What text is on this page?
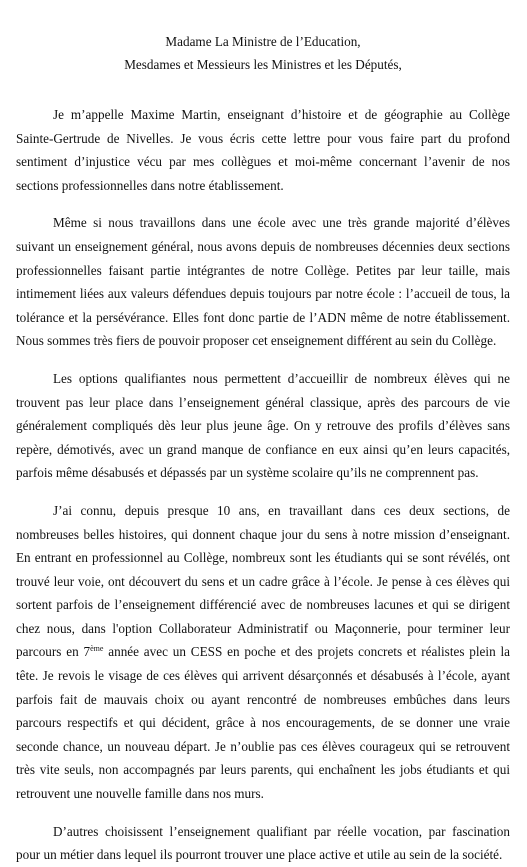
Madame La Ministre de l’Education,
Mesdames et Messieurs les Ministres et les Députés,

Je m’appelle Maxime Martin, enseignant d’histoire et de géographie au Collège Sainte-Gertrude de Nivelles. Je vous écris cette lettre pour vous faire part du profond sentiment d’injustice vécu par mes collègues et moi-même concernant l’avenir de nos sections professionnelles dans notre établissement.

Même si nous travaillons dans une école avec une très grande majorité d’élèves suivant un enseignement général, nous avons depuis de nombreuses décennies deux sections professionnelles faisant partie intégrantes de notre Collège. Petites par leur taille, mais intimement liées aux valeurs défendues depuis toujours par notre école : l’accueil de tous, la tolérance et la persévérance. Elles font donc partie de l’ADN même de notre établissement. Nous sommes très fiers de pouvoir proposer cet enseignement différent au sein du Collège.

Les options qualifiantes nous permettent d’accueillir de nombreux élèves qui ne trouvent pas leur place dans l’enseignement général classique, après des parcours de vie généralement compliqués dès leur plus jeune âge. On y retrouve des profils d’élèves sans repère, démotivés, avec un grand manque de confiance en eux ainsi qu’en leurs capacités, parfois même désabusés et dépassés par un système scolaire qu’ils ne comprennent pas.

J’ai connu, depuis presque 10 ans, en travaillant dans ces deux sections, de nombreuses belles histoires, qui donnent chaque jour du sens à notre mission d’enseignant. En entrant en professionnel au Collège, nombreux sont les étudiants qui se sont révélés, ont trouvé leur voie, ont découvert du sens et un cadre grâce à l’école. Je pense à ces élèves qui sortent parfois de l’enseignement différencié avec de nombreuses lacunes et qui se dirigent chez nous, dans l'option Collaborateur Administratif ou Maçonnerie, pour terminer leur parcours en 7ème année avec un CESS en poche et des projets concrets et réalistes plein la tête. Je revois le visage de ces élèves qui arrivent désarçonnés et désabusés à l’école, ayant parfois fait de mauvais choix ou ayant rencontré de nombreuses embûches dans leurs parcours respectifs et qui décident, grâce à nos encouragements, de se donner une vraie seconde chance, un nouveau départ. Je n’oublie pas ces élèves courageux qui se retrouvent très vite seuls, non accompagnés par leurs parents, qui enchaînent les jobs étudiants et qui retrouvent une nouvelle famille dans nos murs.

D’autres choisissent l’enseignement qualifiant par réelle vocation, par fascination pour un métier dans lequel ils pourront trouver une place active et utile au sein de la société.
